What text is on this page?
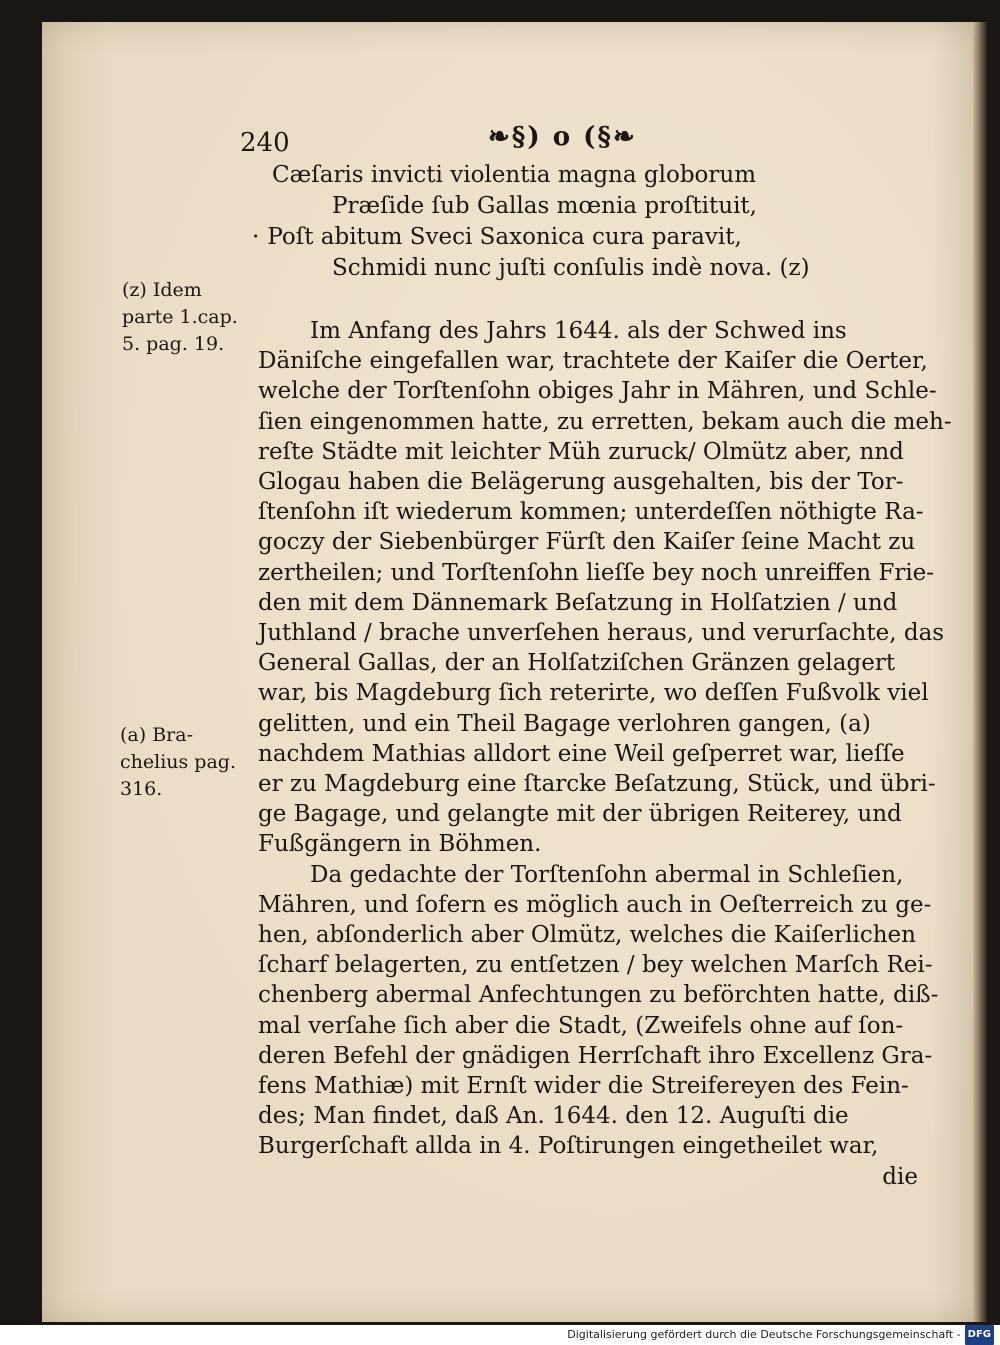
240	❧§) o (§❧
Cæſaris invicti violentia magna globorum
Præſide ſub Gallas mœnia proſtituit,
· Poſt abitum Sveci Saxonica cura paravit,
Schmidi nunc juſti conſulis indè nova. (z)
(z) Idem
parte 1.cap.
5. pag. 19.
(a) Bra-
chelius pag.
316.
Im Anfang des Jahrs 1644. als der Schwed ins
Däniſche eingefallen war, trachtete der Kaiſer die Oerter,
welche der Torſtenſohn obiges Jahr in Mähren, und Schle-
ſien eingenommen hatte, zu erretten, bekam auch die meh-
reſte Städte mit leichter Müh zuruck/ Olmütz aber, nnd
Glogau haben die Belägerung ausgehalten, bis der Tor-
ſtenſohn iſt wiederum kommen; unterdeſſen nöthigte Ra-
goczy der Siebenbürger Fürſt den Kaiſer ſeine Macht zu
zertheilen; und Torſtenſohn lieſſe bey noch unreiffen Frie-
den mit dem Dännemark Beſatzung in Holſatzien / und
Juthland / brache unverſehen heraus, und verurſachte, das
General Gallas, der an Holſatziſchen Gränzen gelagert
war, bis Magdeburg ſich reterirte, wo deſſen Fußvolk viel
gelitten, und ein Theil Bagage verlohren gangen, (a)
nachdem Mathias alldort eine Weil geſperret war, lieſſe
er zu Magdeburg eine ſtarcke Beſatzung, Stück, und übri-
ge Bagage, und gelangte mit der übrigen Reiterey, und
Fußgängern in Böhmen.
Da gedachte der Torſtenſohn abermal in Schleſien,
Mähren, und ſofern es möglich auch in Oeſterreich zu ge-
hen, abſonderlich aber Olmütz, welches die Kaiſerlichen
ſcharf belagerten, zu entſetzen / bey welchen Marſch Rei-
chenberg abermal Anfechtungen zu beförchten hatte, diß-
mal verſahe ſich aber die Stadt, (Zweifels ohne auf ſon-
deren Befehl der gnädigen Herrſchaft ihro Excellenz Gra-
fens Mathiæ) mit Ernſt wider die Streifereyen des Fein-
des; Man findet, daß An. 1644. den 12. Auguſti die
Burgerſchaft allda in 4. Poſtirungen eingetheilet war,
die
Digitalisierung gefördert durch die Deutsche Forschungsgemeinschaft - DFG
